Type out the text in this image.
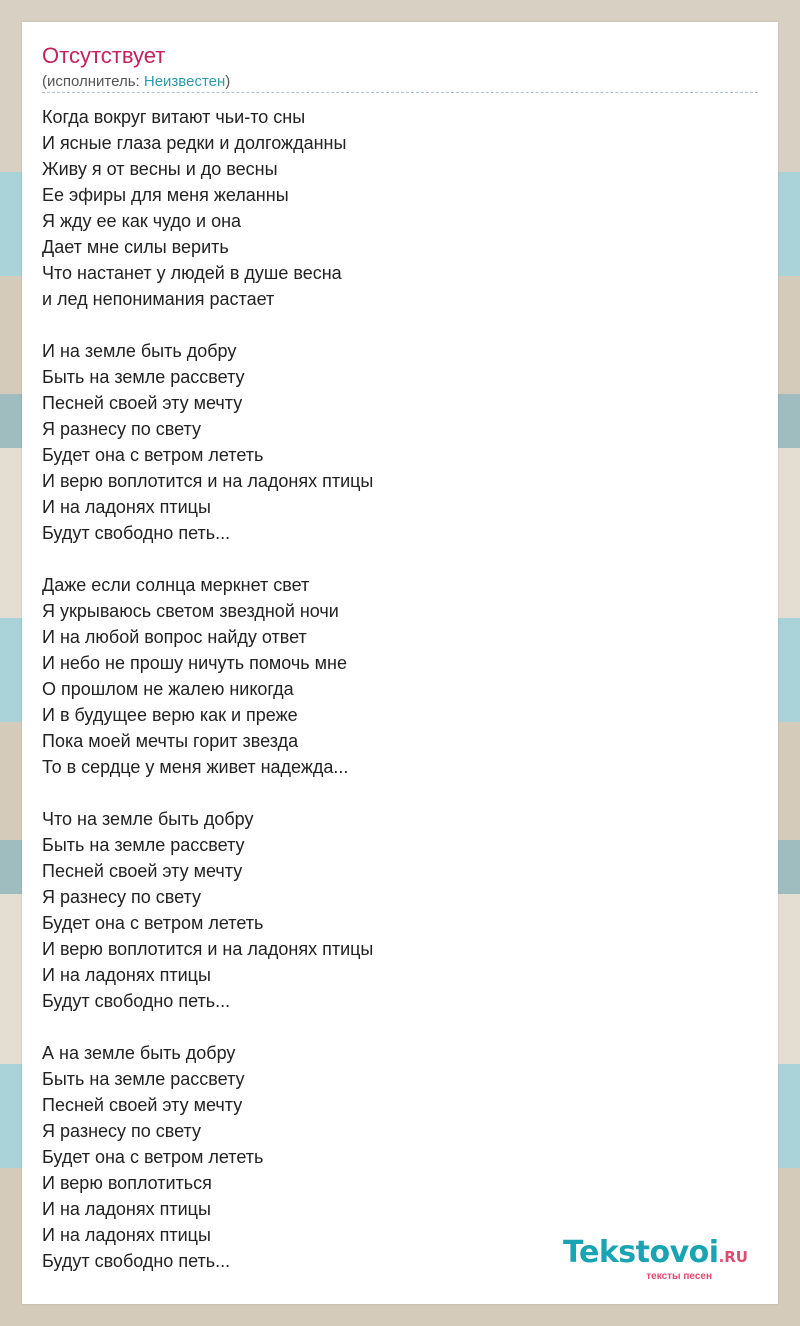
Отсутствует
(исполнитель: Неизвестен)
Когда вокруг витают чьи-то сны
И ясные глаза редки и долгожданны
Живу я от весны и до весны
Ее эфиры для меня желанны
Я жду ее как чудо и она
Дает мне силы верить
Что настанет у людей в душе весна
и лед непонимания растает
И на земле быть добру
Быть на земле рассвету
Песней своей эту мечту
Я разнесу по свету
Будет она с ветром лететь
И верю воплотится и на ладонях птицы
И на ладонях птицы
Будут свободно петь...
Даже если солнца меркнет свет
Я укрываюсь светом звездной ночи
И на любой вопрос найду ответ
И небо не прошу ничуть помочь мне
О прошлом не жалею никогда
И в будущее верю как и преже
Пока моей мечты горит звезда
То в сердце у меня живет надежда...
Что на земле быть добру
Быть на земле рассвету
Песней своей эту мечту
Я разнесу по свету
Будет она с ветром лететь
И верю воплотится и на ладонях птицы
И на ладонях птицы
Будут свободно петь...
А на земле быть добру
Быть на земле рассвету
Песней своей эту мечту
Я разнесу по свету
Будет она с ветром лететь
И верю воплотиться
И на ладонях птицы
И на ладонях птицы
Будут свободно петь...	Tekstovoi.RU
тексты песен
